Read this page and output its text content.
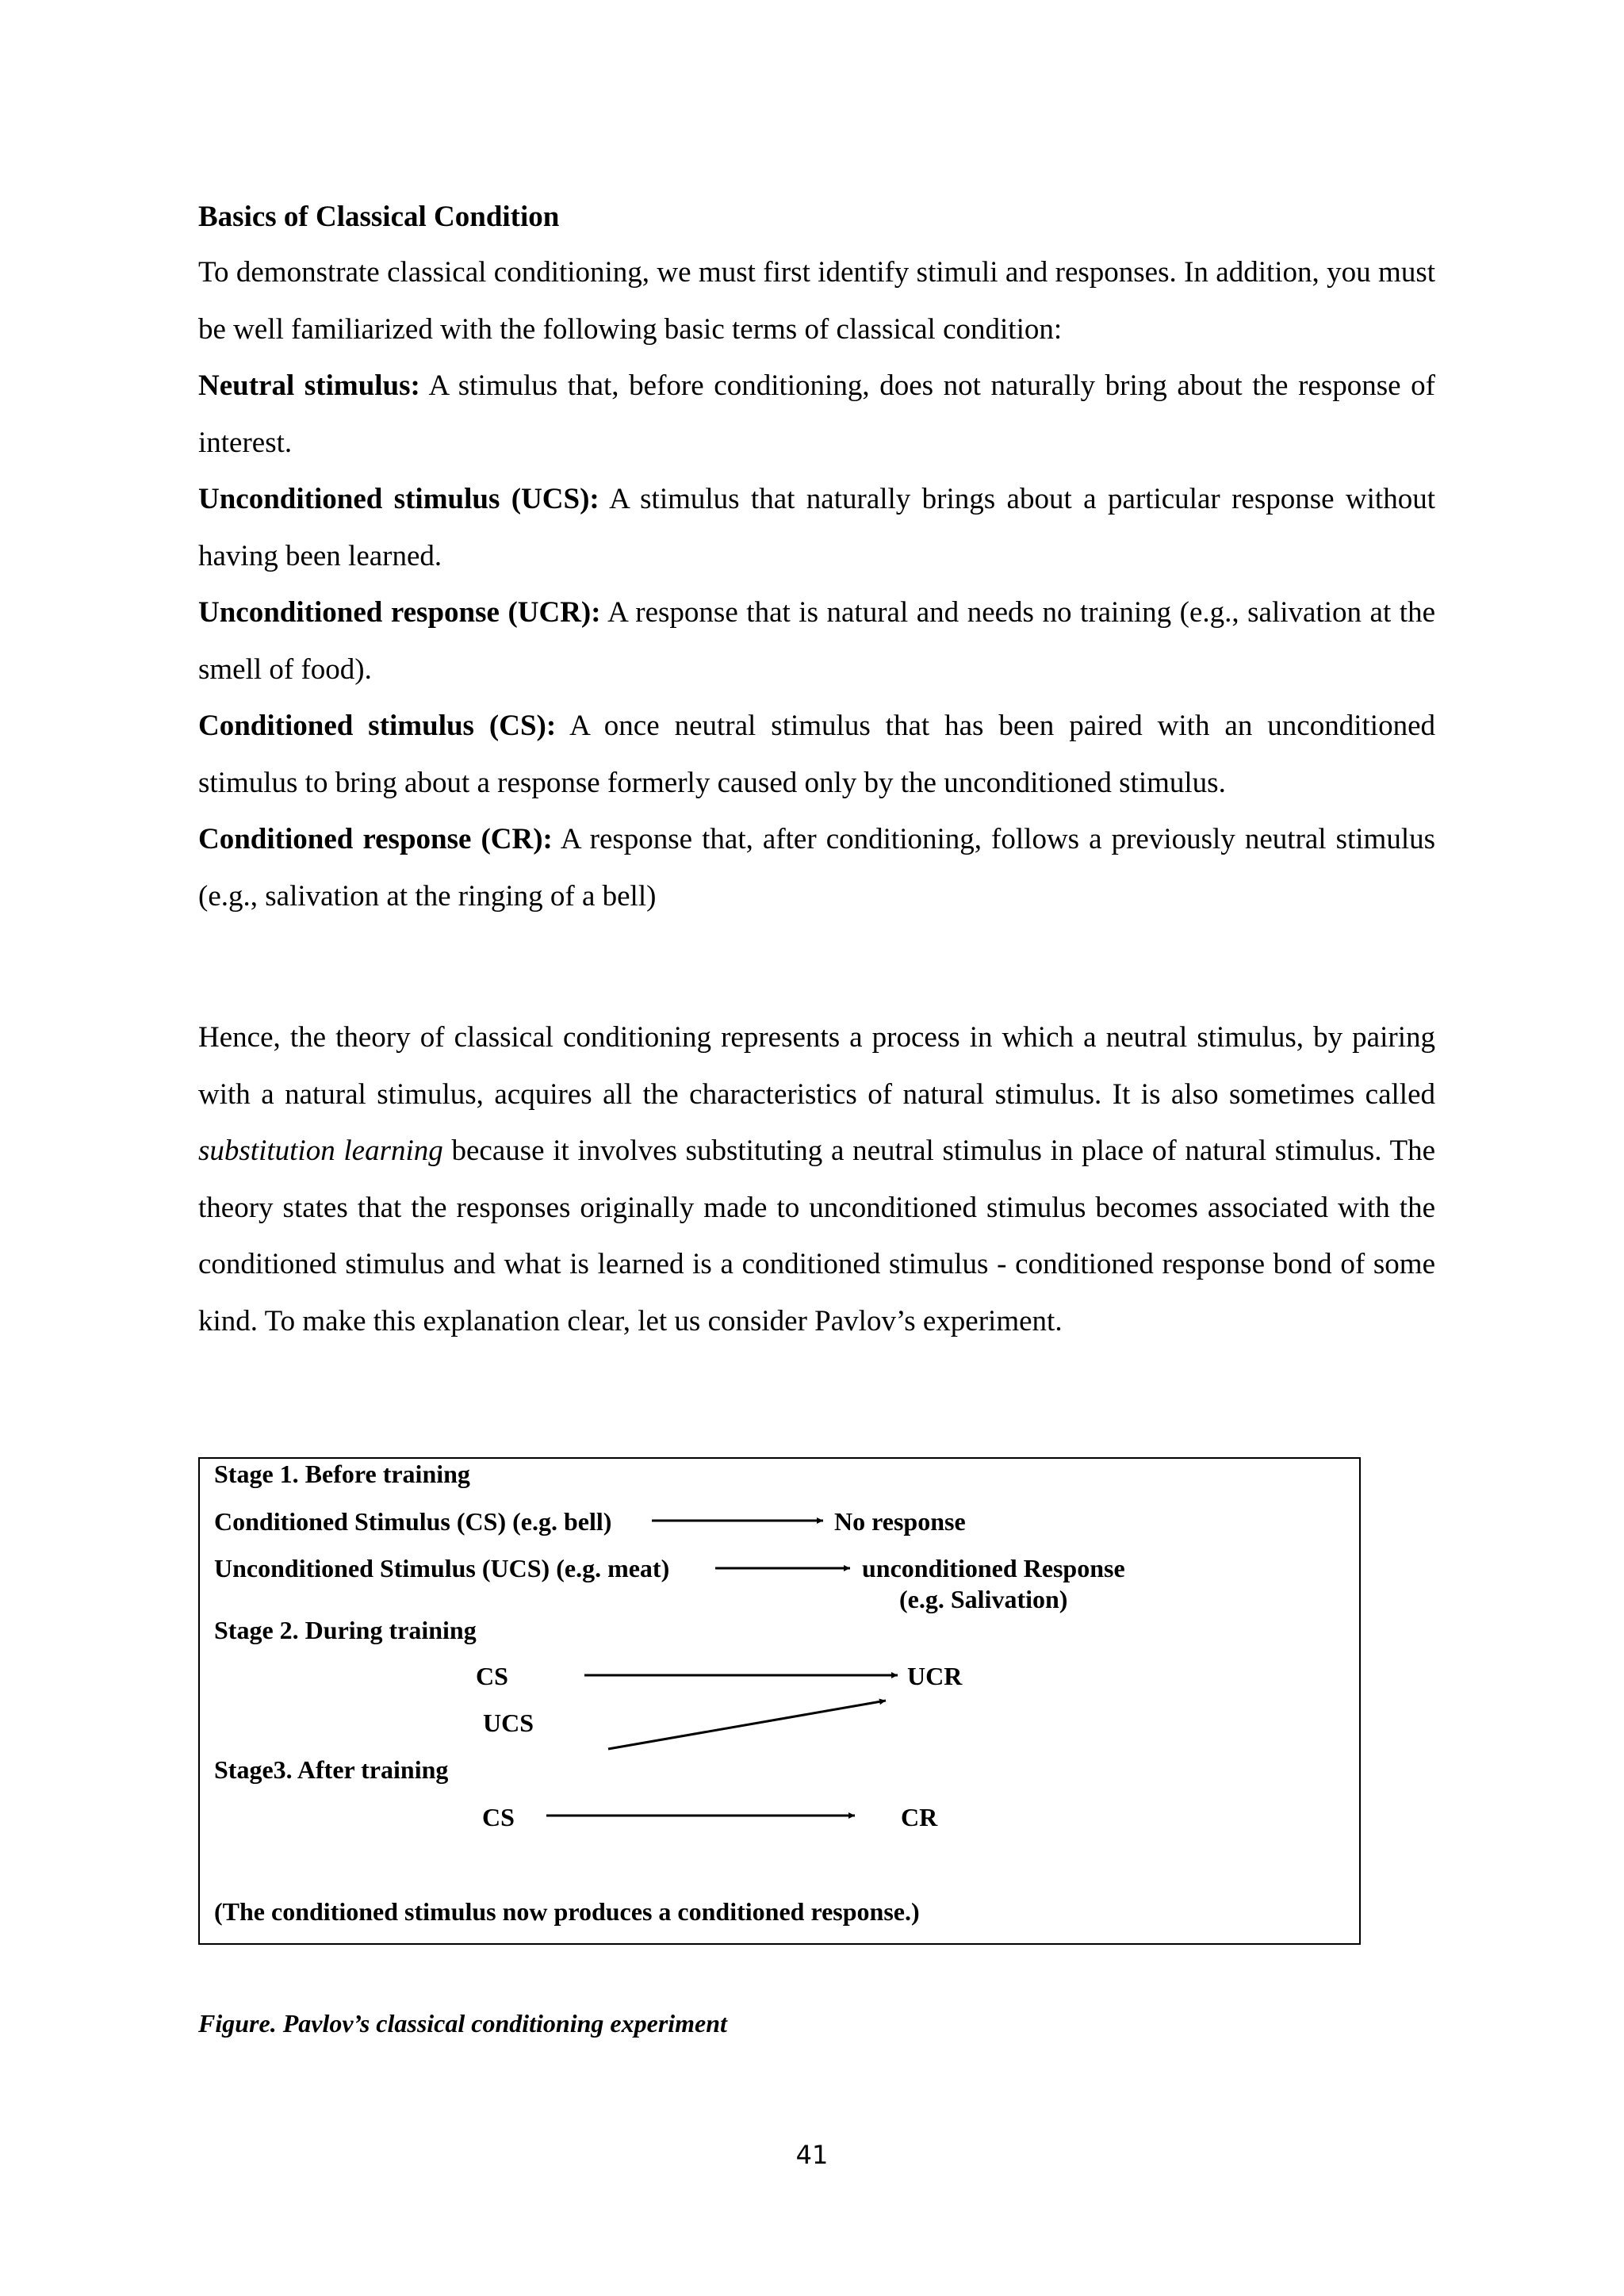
Basics of Classical Condition
To demonstrate classical conditioning, we must first identify stimuli and responses. In addition, you must be well familiarized with the following basic terms of classical condition:
Neutral stimulus: A stimulus that, before conditioning, does not naturally bring about the response of interest.
Unconditioned stimulus (UCS): A stimulus that naturally brings about a particular response without having been learned.
Unconditioned response (UCR): A response that is natural and needs no training (e.g., salivation at the smell of food).
Conditioned stimulus (CS): A once neutral stimulus that has been paired with an unconditioned stimulus to bring about a response formerly caused only by the unconditioned stimulus.
Conditioned response (CR): A response that, after conditioning, follows a previously neutral stimulus (e.g., salivation at the ringing of a bell)

Hence, the theory of classical conditioning represents a process in which a neutral stimulus, by pairing with a natural stimulus, acquires all the characteristics of natural stimulus. It is also sometimes called substitution learning because it involves substituting a neutral stimulus in place of natural stimulus. The theory states that the responses originally made to unconditioned stimulus becomes associated with the conditioned stimulus and what is learned is a conditioned stimulus - conditioned response bond of some kind. To make this explanation clear, let us consider Pavlov’s experiment.

Stage 1. Before training
Conditioned Stimulus (CS) (e.g. bell)	No response
Unconditioned Stimulus (UCS) (e.g. meat)	unconditioned Response
(e.g. Salivation)
Stage 2. During training
CS	UCR
UCS
Stage3. After training
CS	CR
(The conditioned stimulus now produces a conditioned response.)

Figure. Pavlov’s classical conditioning experiment

41
